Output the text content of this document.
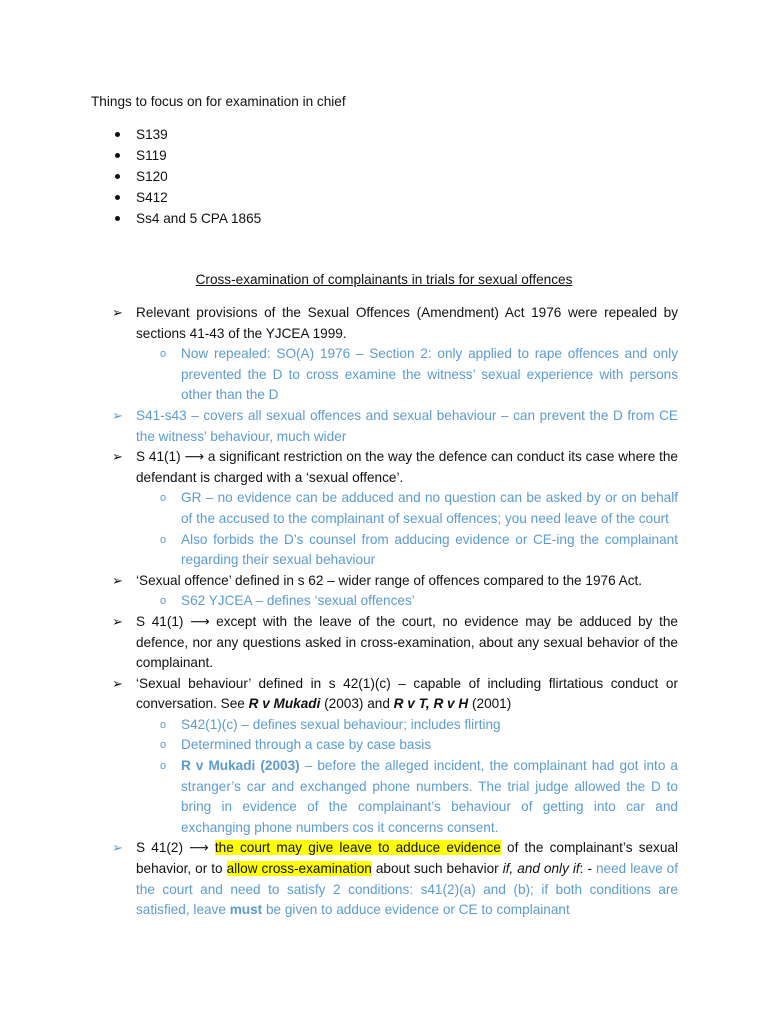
Things to focus on for examination in chief
S139
S119
S120
S412
Ss4 and 5 CPA 1865
Cross-examination of complainants in trials for sexual offences
➢ Relevant provisions of the Sexual Offences (Amendment) Act 1976 were repealed by sections 41-43 of the YJCEA 1999.
o Now repealed: SO(A) 1976 – Section 2: only applied to rape offences and only prevented the D to cross examine the witness’ sexual experience with persons other than the D
➢ S41-s43 – covers all sexual offences and sexual behaviour – can prevent the D from CE the witness’ behaviour, much wider
➢ S 41(1) ⟶ a significant restriction on the way the defence can conduct its case where the defendant is charged with a ‘sexual offence’.
o GR – no evidence can be adduced and no question can be asked by or on behalf of the accused to the complainant of sexual offences; you need leave of the court
o Also forbids the D’s counsel from adducing evidence or CE-ing the complainant regarding their sexual behaviour
➢ ‘Sexual offence’ defined in s 62 – wider range of offences compared to the 1976 Act.
o S62 YJCEA – defines ‘sexual offences’
➢ S 41(1) ⟶ except with the leave of the court, no evidence may be adduced by the defence, nor any questions asked in cross-examination, about any sexual behavior of the complainant.
➢ ‘Sexual behaviour’ defined in s 42(1)(c) – capable of including flirtatious conduct or conversation. See R v Mukadi (2003) and R v T, R v H (2001)
o S42(1)(c) – defines sexual behaviour; includes flirting
o Determined through a case by case basis
o R v Mukadi (2003) – before the alleged incident, the complainant had got into a stranger’s car and exchanged phone numbers. The trial judge allowed the D to bring in evidence of the complainant’s behaviour of getting into car and exchanging phone numbers cos it concerns consent.
➢ S 41(2) ⟶ the court may give leave to adduce evidence of the complainant’s sexual behavior, or to allow cross-examination about such behavior if, and only if: - need leave of the court and need to satisfy 2 conditions: s41(2)(a) and (b); if both conditions are satisfied, leave must be given to adduce evidence or CE to complainant
